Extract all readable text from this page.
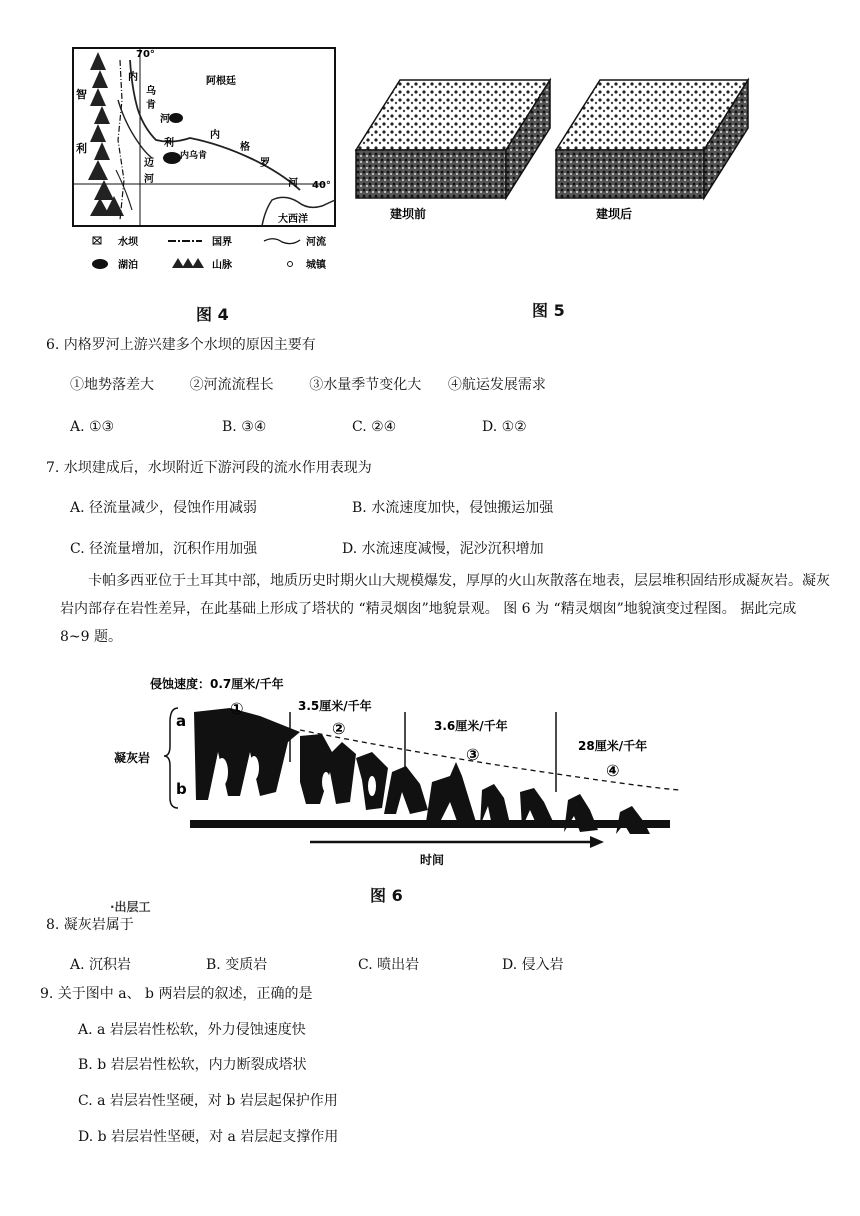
70°
40°
阿根廷
智
利
内
乌
肯
河
利
迈
内乌肯
内
格
罗
河
河
大西洋
水坝	国界	河流
湖泊	山脉	城镇
图 4
建坝前	建坝后
图 5
6. 内格罗河上游兴建多个水坝的原因主要有
①地势落差大        ②河流流程长        ③水量季节变化大      ④航运发展需求
A. ①③	B. ③④	C. ②④	D. ①②
7. 水坝建成后，水坝附近下游河段的流水作用表现为
A. 径流量减少，侵蚀作用减弱	B. 水流速度加快，侵蚀搬运加强
C. 径流量增加，沉积作用加强	D. 水流速度减慢，泥沙沉积增加
卡帕多西亚位于土耳其中部，地质历史时期火山大规模爆发，厚厚的火山灰散落在地表，层层堆积固结形成凝灰岩。凝灰岩内部存在岩性差异，在此基础上形成了塔状的 “精灵烟囱”地貌景观。 图 6 为 “精灵烟囱”地貌演变过程图。 据此完成 8~9 题。
侵蚀速度：0.7厘米/千年
3.5厘米/千年
3.6厘米/千年
28厘米/千年
①
②
③
④
a
b
凝灰岩
时间
图 6
·出层工
8. 凝灰岩属于
A. 沉积岩	B. 变质岩	C. 喷出岩	D. 侵入岩
9. 关于图中 a、 b 两岩层的叙述，正确的是
A. a 岩层岩性松软，外力侵蚀速度快
B. b 岩层岩性松软，内力断裂成塔状
C. a 岩层岩性坚硬，对 b 岩层起保护作用
D. b 岩层岩性坚硬，对 a 岩层起支撑作用
